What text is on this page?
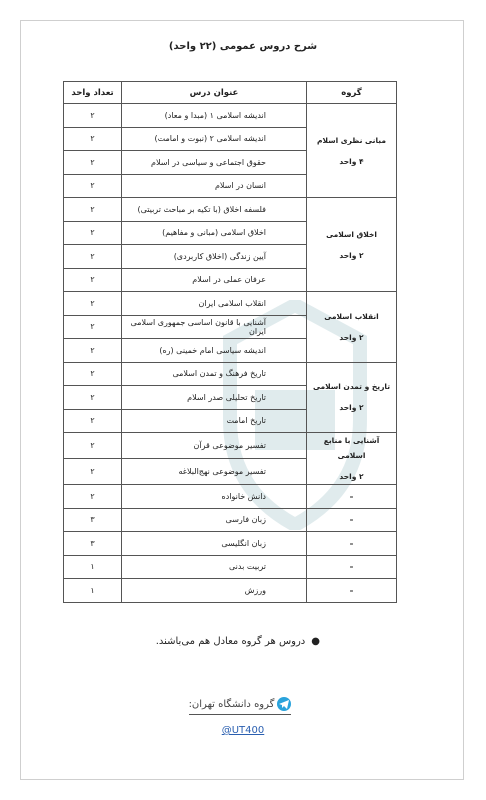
شرح دروس عمومی (۲۲ واحد)
گروه	عنوان درس	تعداد واحد

مبانی نظری اسلام
۴ واحد	اندیشه اسلامی ۱ (مبدا و معاد)	۲
	اندیشه اسلامی ۲ (نبوت و امامت)	۲
	حقوق اجتماعی و سیاسی در اسلام	۲
	انسان در اسلام	۲

اخلاق اسلامی
۲ واحد	فلسفه اخلاق (با تکیه بر مباحث تربیتی)	۲
	اخلاق اسلامی (مبانی و مفاهیم)	۲
	آیین زندگی (اخلاق کاربردی)	۲
	عرفان عملی در اسلام	۲

انقلاب اسلامی
۲ واحد	انقلاب اسلامی ایران	۲
	آشنایی با قانون اساسی جمهوری اسلامی ایران	۲
	اندیشه سیاسی امام خمینی (ره)	۲

تاریخ و تمدن اسلامی
۲ واحد	تاریخ فرهنگ و تمدن اسلامی	۲
	تاریخ تحلیلی صدر اسلام	۲
	تاریخ امامت	۲

آشنایی با منابع اسلامی
۲ واحد	تفسیر موضوعی قرآن	۲
	تفسیر موضوعی نهج‌البلاغه	۲

–	دانش خانواده	۲

–	زبان فارسی	۳

–	زبان انگلیسی	۳

–	تربیت بدنی	۱

–	ورزش	۱
●دروس هر گروه معادل هم می‌باشند.
گروه دانشگاه تهران:
@UT400
